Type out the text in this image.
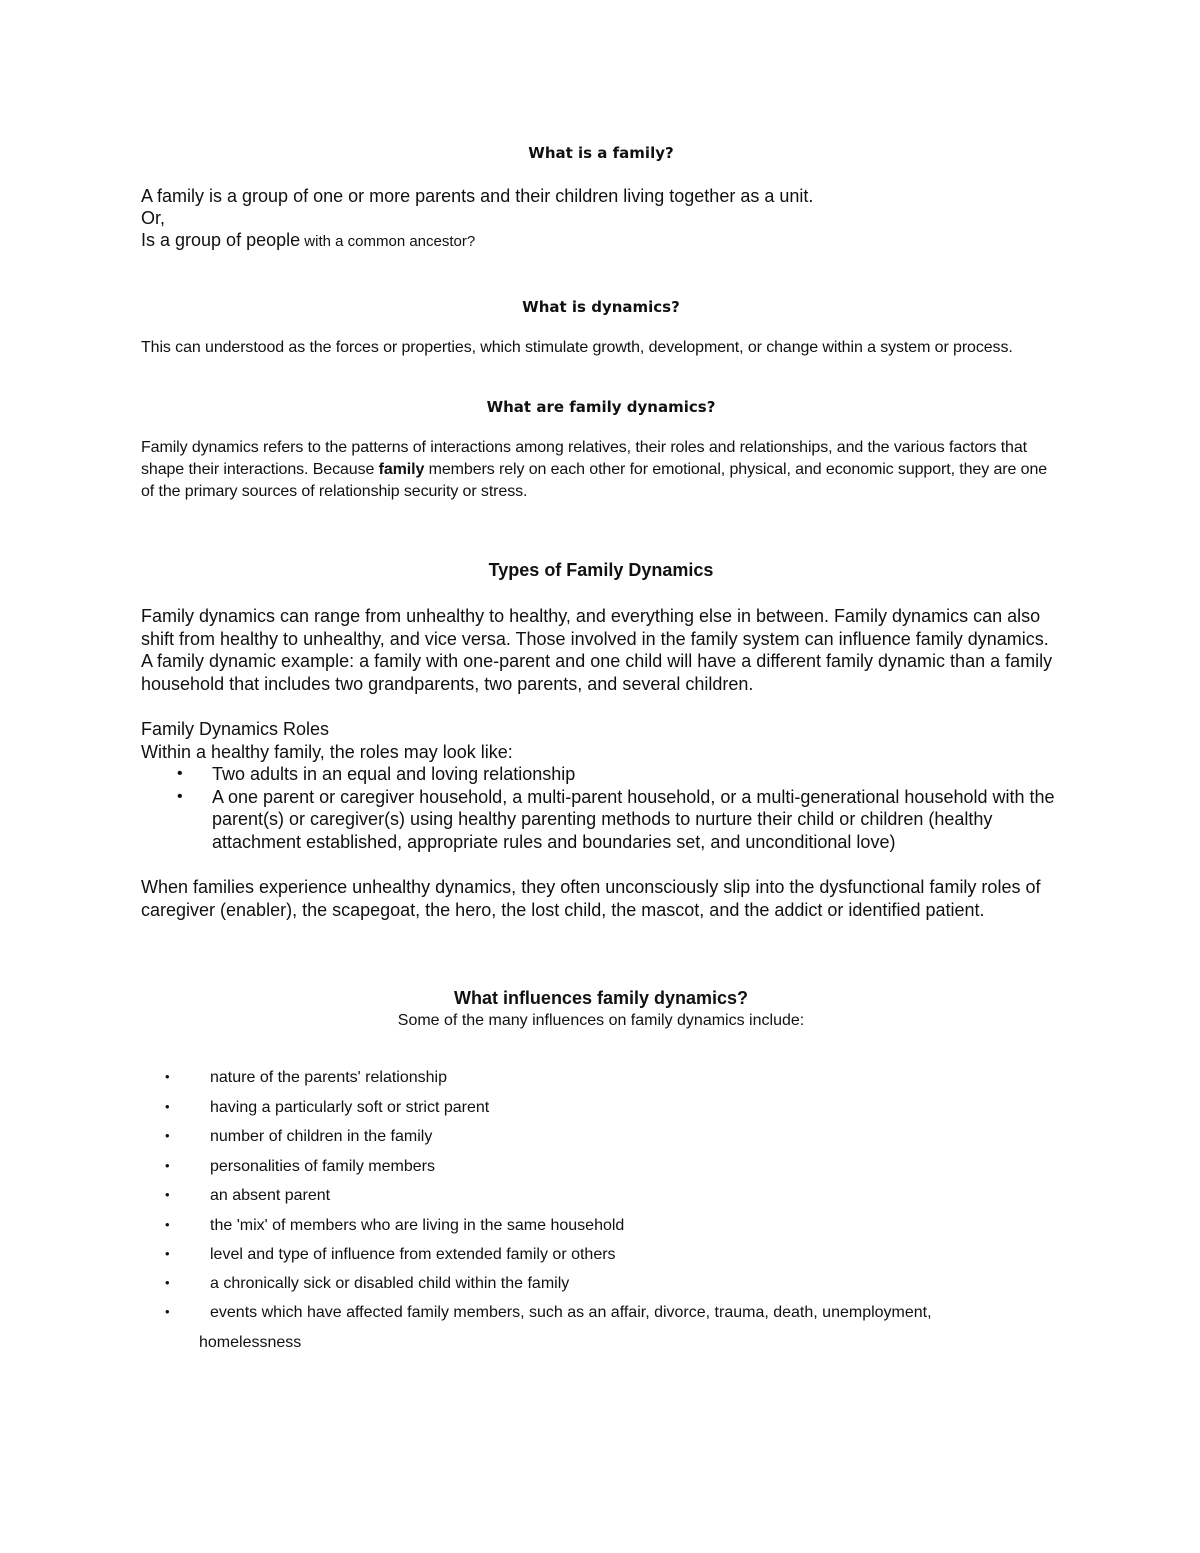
What is a family?
A family is a group of one or more parents and their children living together as a unit.
Or,
Is a group of people with a common ancestor?
What is dynamics?
This can understood as the forces or properties, which stimulate growth, development, or change within a system or process.
What are family dynamics?
Family dynamics refers to the patterns of interactions among relatives, their roles and relationships, and the various factors that shape their interactions. Because family members rely on each other for emotional, physical, and economic support, they are one of the primary sources of relationship security or stress.
Types of Family Dynamics
Family dynamics can range from unhealthy to healthy, and everything else in between. Family dynamics can also shift from healthy to unhealthy, and vice versa. Those involved in the family system can influence family dynamics. A family dynamic example: a family with one-parent and one child will have a different family dynamic than a family household that includes two grandparents, two parents, and several children.
Family Dynamics Roles
Within a healthy family, the roles may look like:
• Two adults in an equal and loving relationship
• A one parent or caregiver household, a multi-parent household, or a multi-generational household with the parent(s) or caregiver(s) using healthy parenting methods to nurture their child or children (healthy attachment established, appropriate rules and boundaries set, and unconditional love)
When families experience unhealthy dynamics, they often unconsciously slip into the dysfunctional family roles of caregiver (enabler), the scapegoat, the hero, the lost child, the mascot, and the addict or identified patient.
What influences family dynamics?
Some of the many influences on family dynamics include:
•	nature of the parents' relationship
•	having a particularly soft or strict parent
•	number of children in the family
•	personalities of family members
•	an absent parent
•	the 'mix' of members who are living in the same household
•	level and type of influence from extended family or others
•	a chronically sick or disabled child within the family
•	events which have affected family members, such as an affair, divorce, trauma, death, unemployment,
homelessness
